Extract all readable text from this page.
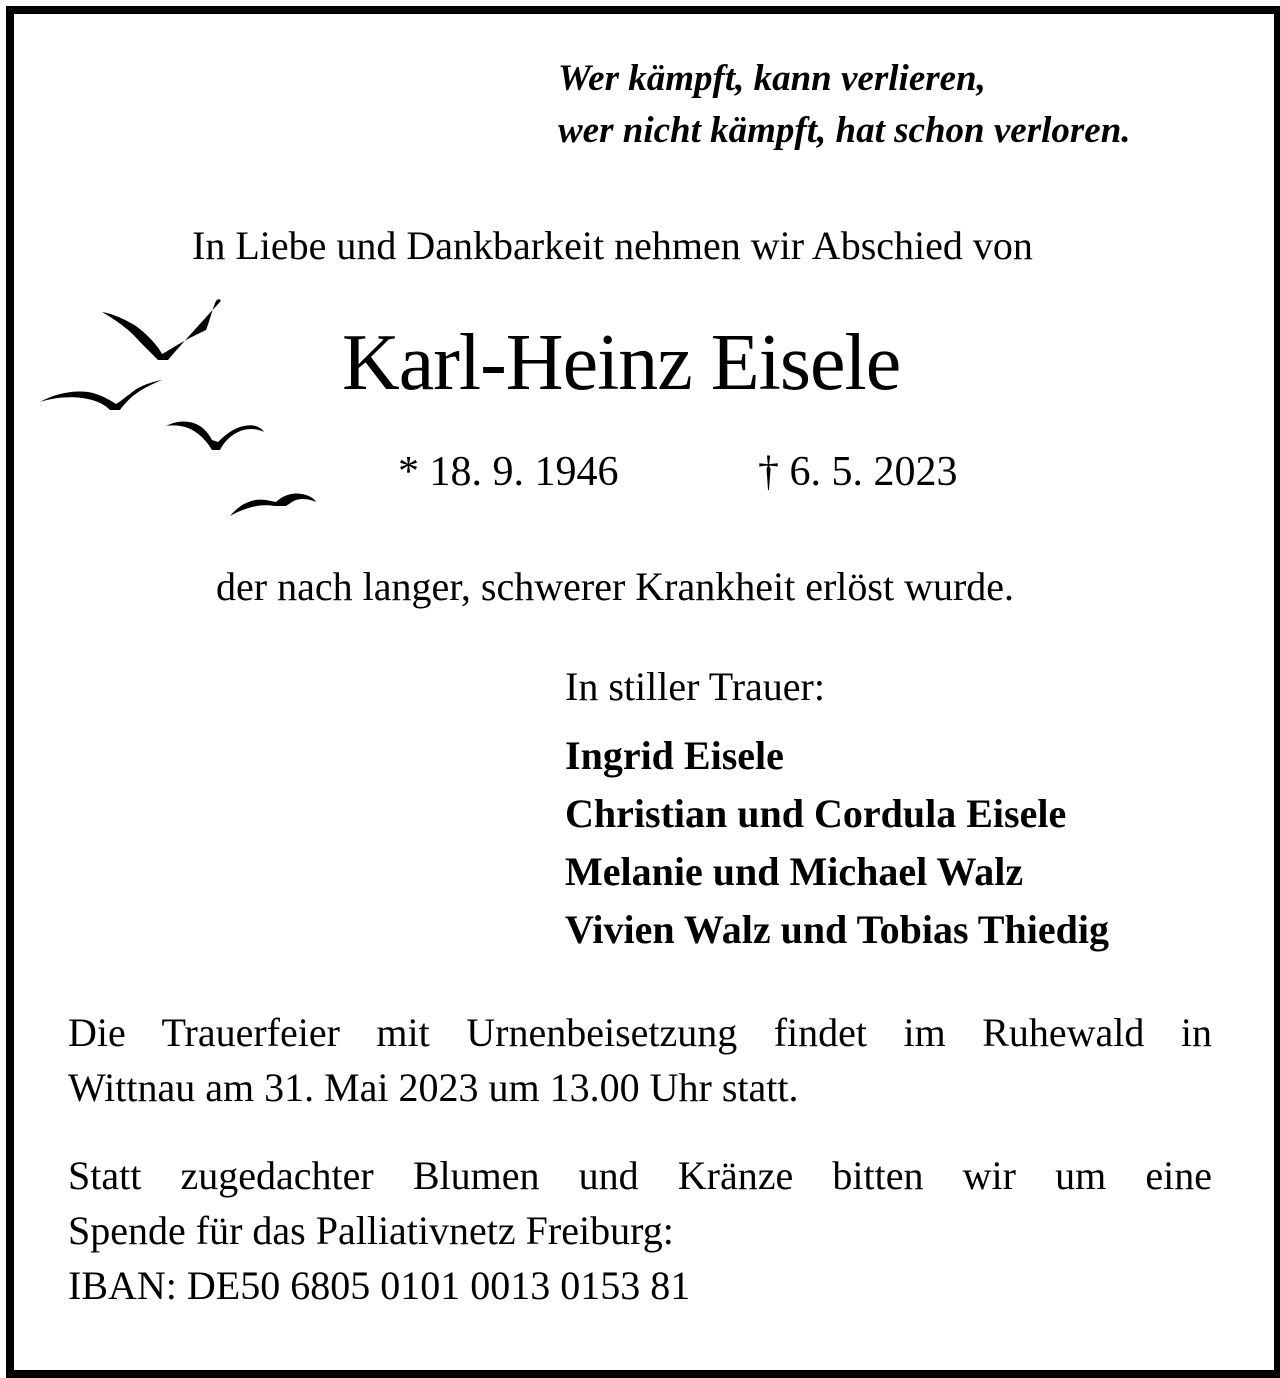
Wer kämpft, kann verlieren,
wer nicht kämpft, hat schon verloren.
In Liebe und Dankbarkeit nehmen wir Abschied von
Karl-Heinz Eisele
* 18. 9. 1946	† 6. 5. 2023
der nach langer, schwerer Krankheit erlöst wurde.
In stiller Trauer:
Ingrid Eisele
Christian und Cordula Eisele
Melanie und Michael Walz
Vivien Walz und Tobias Thiedig
Die Trauerfeier mit Urnenbeisetzung findet im Ruhewald in
Wittnau am 31. Mai 2023 um 13.00 Uhr statt.
Statt zugedachter Blumen und Kränze bitten wir um eine
Spende für das Palliativnetz Freiburg:
IBAN: DE50 6805 0101 0013 0153 81
